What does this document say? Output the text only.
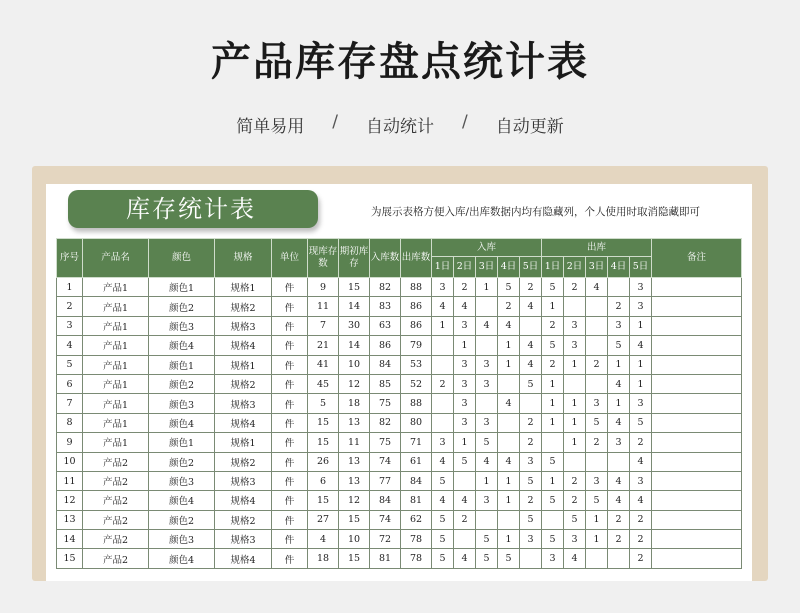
产品库存盘点统计表
简单易用 / 自动统计 / 自动更新
库存统计表	为展示表格方便入库/出库数据内均有隐藏列，个人使用时取消隐藏即可
序号	产品名	颜色	规格	单位	现库存数	期初库存	入库数	出库数	入库					出库					备注
									1日	2日	3日	4日	5日	1日	2日	3日	4日	5日	
1	产品1	颜色1	规格1	件	9	15	82	88	3	2	1	5	2	5	2	4		3	
2	产品1	颜色2	规格2	件	11	14	83	86	4	4		2	4	1			2	3	
3	产品1	颜色3	规格3	件	7	30	63	86	1	3	4	4		2	3		3	1	
4	产品1	颜色4	规格4	件	21	14	86	79		1		1	4	5	3		5	4	
5	产品1	颜色1	规格1	件	41	10	84	53		3	3	1	4	2	1	2	1	1	
6	产品1	颜色2	规格2	件	45	12	85	52	2	3	3		5	1			4	1	
7	产品1	颜色3	规格3	件	5	18	75	88		3		4		1	1	3	1	3	
8	产品1	颜色4	规格4	件	15	13	82	80		3	3		2	1	1	5	4	5	
9	产品1	颜色1	规格1	件	15	11	75	71	3	1	5		2		1	2	3	2	
10	产品2	颜色2	规格2	件	26	13	74	61	4	5	4	4	3	5				4	
11	产品2	颜色3	规格3	件	6	13	77	84	5		1	1	5	1	2	3	4	3	
12	产品2	颜色4	规格4	件	15	12	84	81	4	4	3	1	2	5	2	5	4	4	
13	产品2	颜色2	规格2	件	27	15	74	62	5	2			5		5	1	2	2	
14	产品2	颜色3	规格3	件	4	10	72	78	5		5	1	3	5	3	1	2	2	
15	产品2	颜色4	规格4	件	18	15	81	78	5	4	5	5		3	4			2	
